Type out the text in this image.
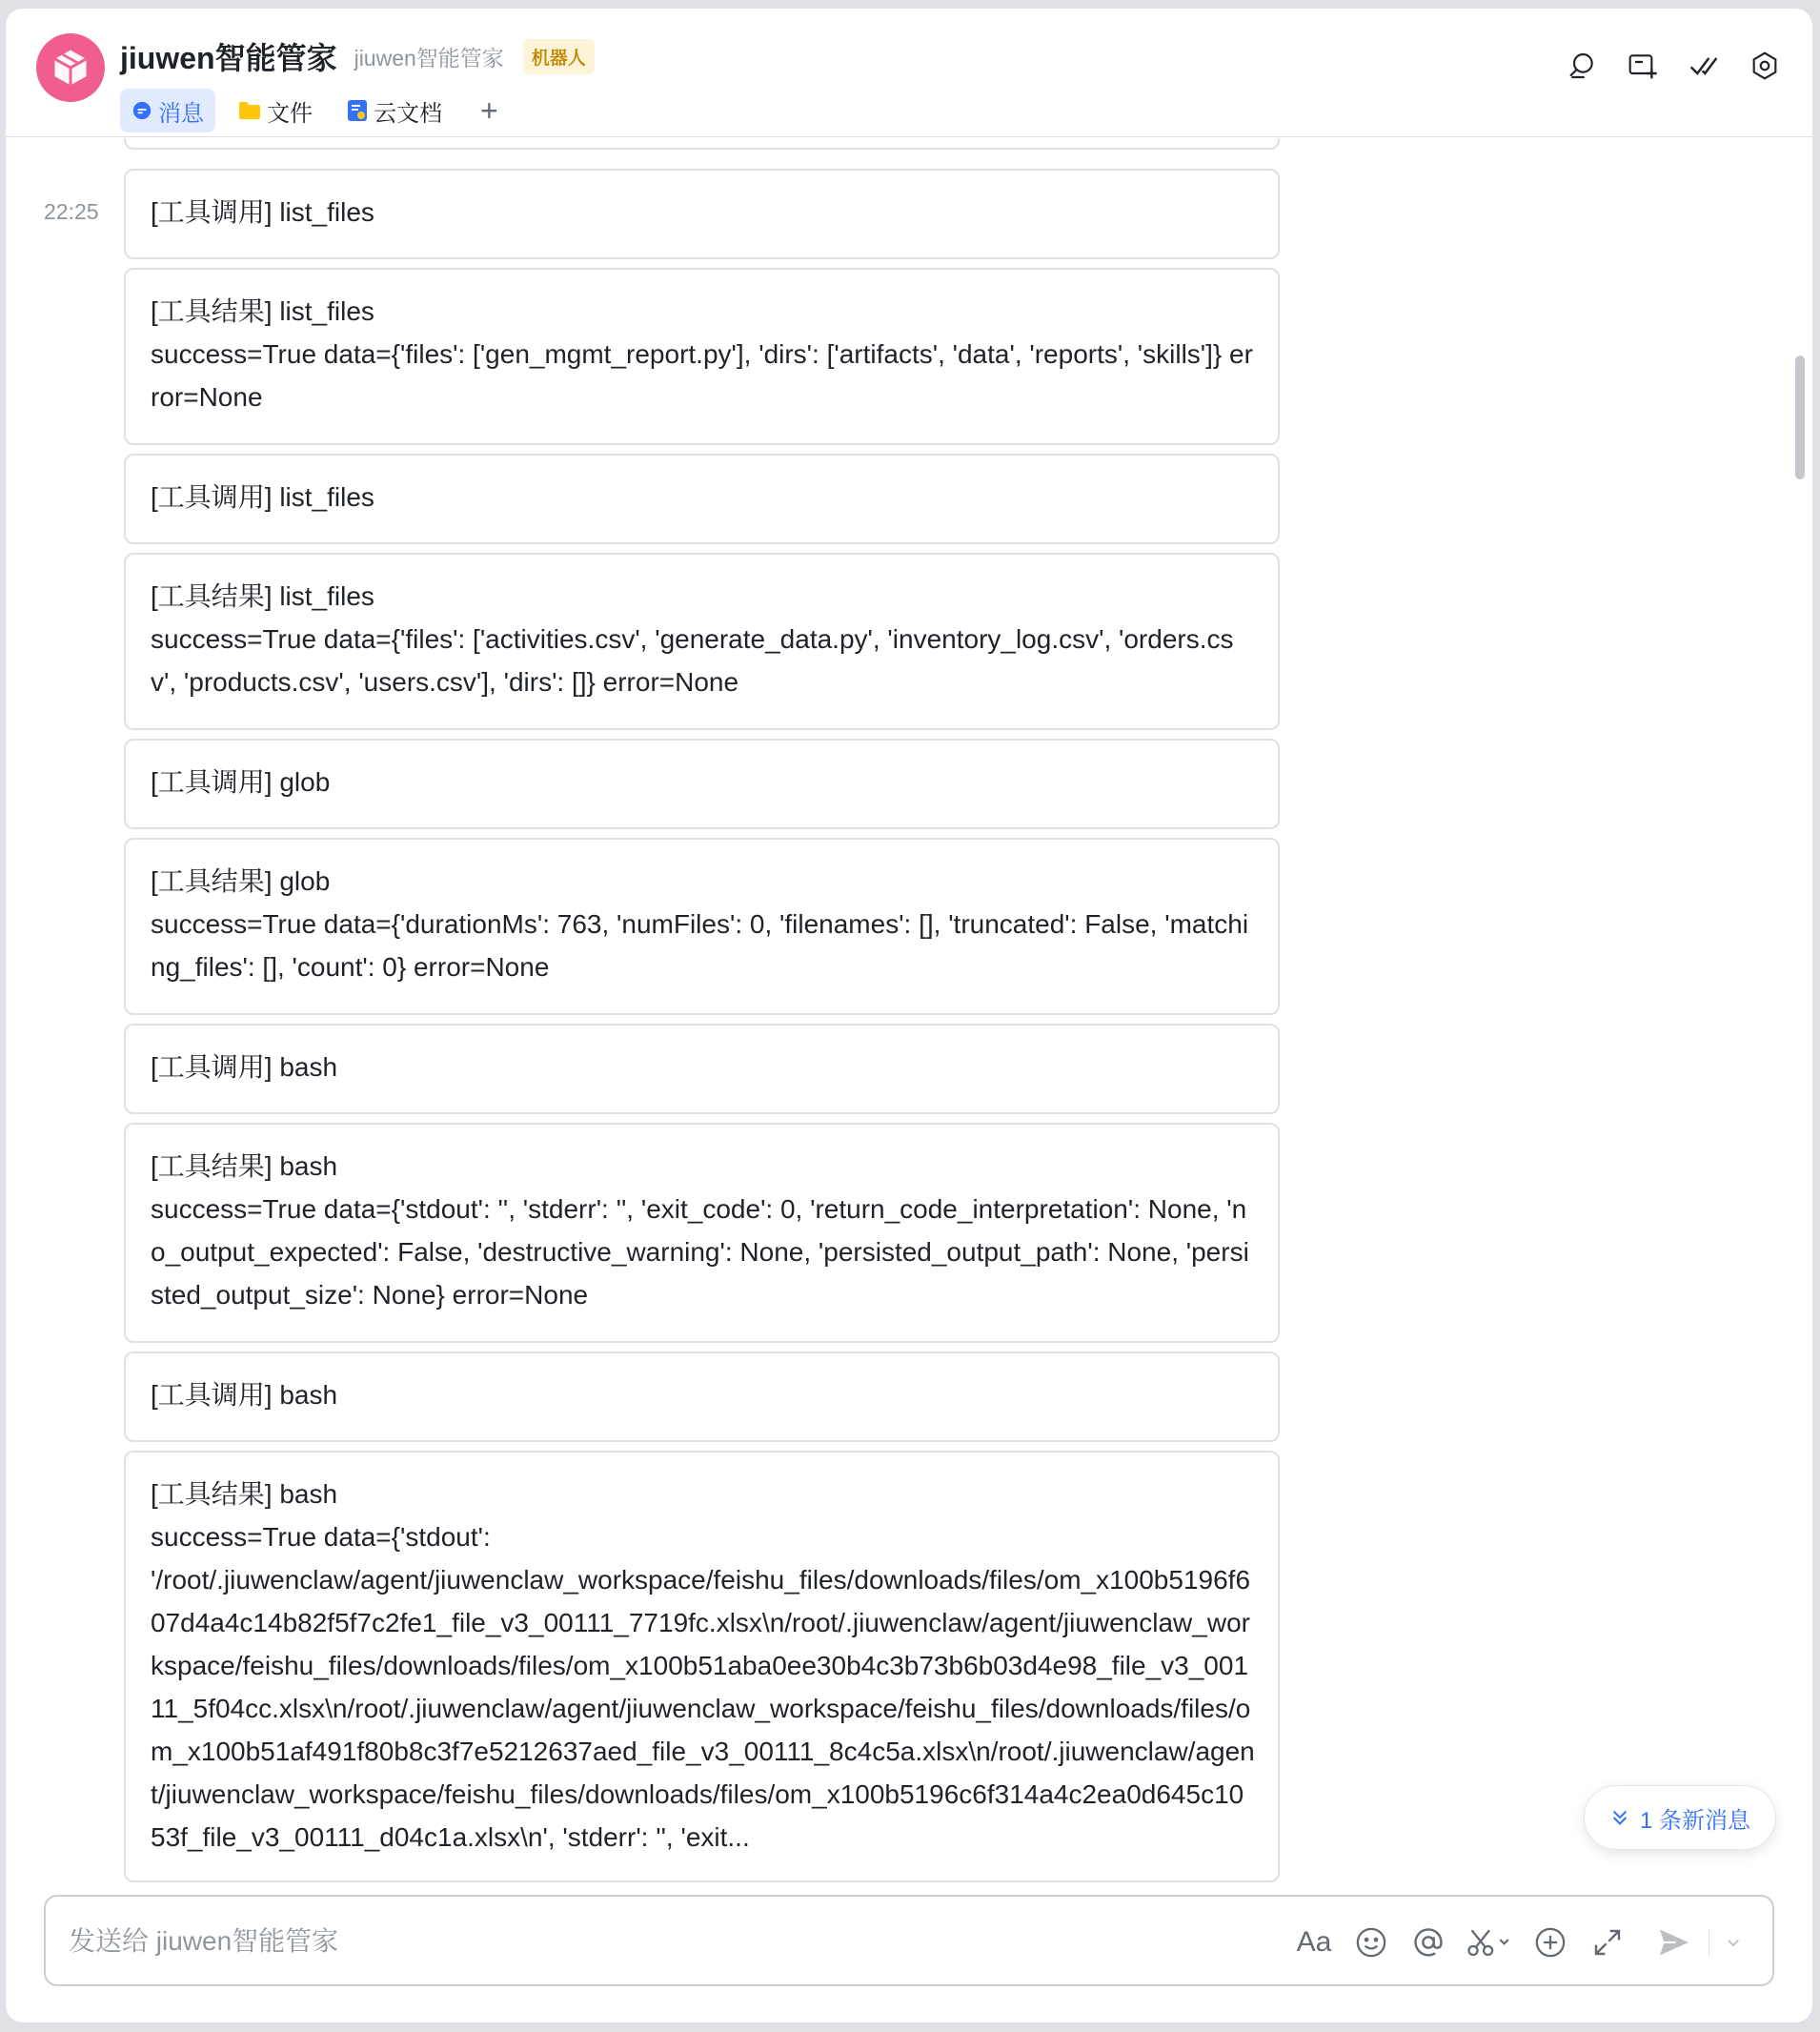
jiuwen智能管家 jiuwen智能管家	机器人
消息	文件	云文档 +
22:25 [工具调用] list_files
[工具结果] list_files
success=True data={'files': ['gen_mgmt_report.py'], 'dirs': ['artifacts', 'data', 'reports', 'skills']} error=None
[工具调用] list_files
[工具结果] list_files
success=True data={'files': ['activities.csv', 'generate_data.py', 'inventory_log.csv', 'orders.csv', 'products.csv', 'users.csv'], 'dirs': []} error=None
[工具调用] glob
[工具结果] glob
success=True data={'durationMs': 763, 'numFiles': 0, 'filenames': [], 'truncated': False, 'matching_files': [], 'count': 0} error=None
[工具调用] bash
[工具结果] bash
success=True data={'stdout': '', 'stderr': '', 'exit_code': 0, 'return_code_interpretation': None, 'no_output_expected': False, 'destructive_warning': None, 'persisted_output_path': None, 'persisted_output_size': None} error=None
[工具调用] bash
[工具结果] bash
success=True data={'stdout':
'/root/.jiuwenclaw/agent/jiuwenclaw_workspace/feishu_files/downloads/files/om_x100b5196f607d4a4c14b82f5f7c2fe1_file_v3_00111_7719fc.xlsx\n/root/.jiuwenclaw/agent/jiuwenclaw_workspace/feishu_files/downloads/files/om_x100b51aba0ee30b4c3b73b6b03d4e98_file_v3_00111_5f04cc.xlsx\n/root/.jiuwenclaw/agent/jiuwenclaw_workspace/feishu_files/downloads/files/om_x100b51af491f80b8c3f7e5212637aed_file_v3_00111_8c4c5a.xlsx\n/root/.jiuwenclaw/agent/jiuwenclaw_workspace/feishu_files/downloads/files/om_x100b5196c6f314a4c2ea0d645c1053f_file_v3_00111_d04c1a.xlsx\n', 'stderr': '', 'exit...
1 条新消息
发送给 jiuwen智能管家
Aa
